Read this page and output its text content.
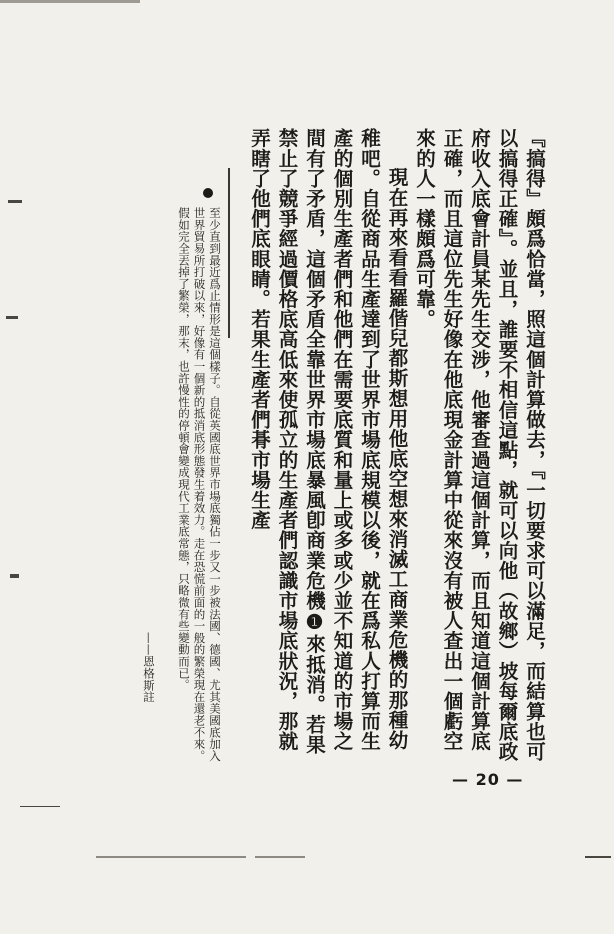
『搞得』頗爲恰當，照這個計算做去，『一切要求可以滿足，而結算也可以搞得正確』。並且，誰要不相信這點，就可以向他（故鄉）坡每爾底政府收入底會計員某先生交涉，他審查過這個計算，而且知道這個計算底正確，而且這位先生好像在他底現金計算中從來沒有被人查出一個虧空來的人一樣頗爲可靠。

現在再來看看羅偕兒都斯想用他底空想來消滅工商業危機的那種幼稚吧。自從商品生產達到了世界市場底規模以後，就在爲私人打算而生產的個別生產者們和他們在需要底質和量上或多或少並不知道的市場之間有了矛盾，這個矛盾全靠世界市場底暴風卽商業危機❶來抵消。若果禁止了競爭經過價格底高低來使孤立的生產者們認識市場底狀況，那就弄瞎了他們底眼睛。若果生產者們朞市場生產

至少直到最近爲止情形是這個樣子。自從英國底世界市場底獨佔一步又一步被法國、德國、尤其美國底加入世界貿易所打破以來，好像有一個新的抵消底形態發生着效力。走在恐慌前面的一般的繁榮現在還老不來。假如完全丟掉了繁榮，那末，也許慢性的停頓會變成現代工業底常態，只略微有些變動而已。
——恩格斯註
— 20 —
